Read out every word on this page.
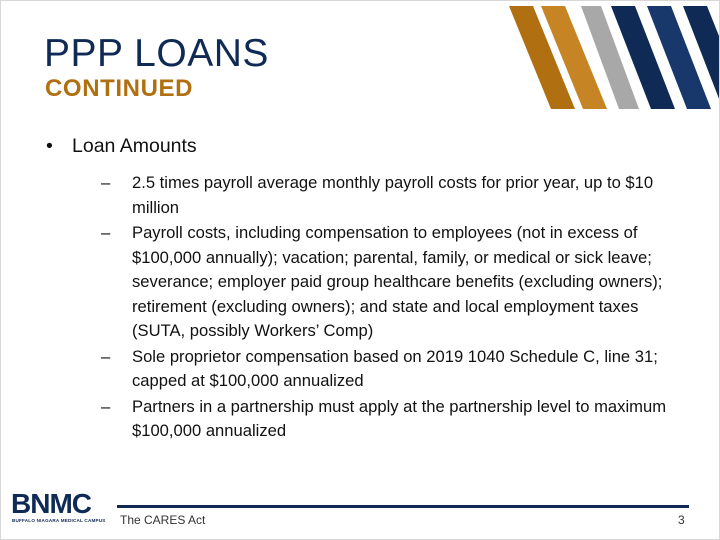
PPP LOANS
CONTINUED
• Loan Amounts
– 2.5 times payroll average monthly payroll costs for prior year, up to $10 million
– Payroll costs, including compensation to employees (not in excess of $100,000 annually); vacation; parental, family, or medical or sick leave; severance; employer paid group healthcare benefits (excluding owners); retirement (excluding owners); and state and local employment taxes (SUTA, possibly Workers’ Comp)
– Sole proprietor compensation based on 2019 1040 Schedule C, line 31; capped at $100,000 annualized
– Partners in a partnership must apply at the partnership level to maximum $100,000 annualized
BNMC
BUFFALO NIAGARA MEDICAL CAMPUS	The CARES Act	3
